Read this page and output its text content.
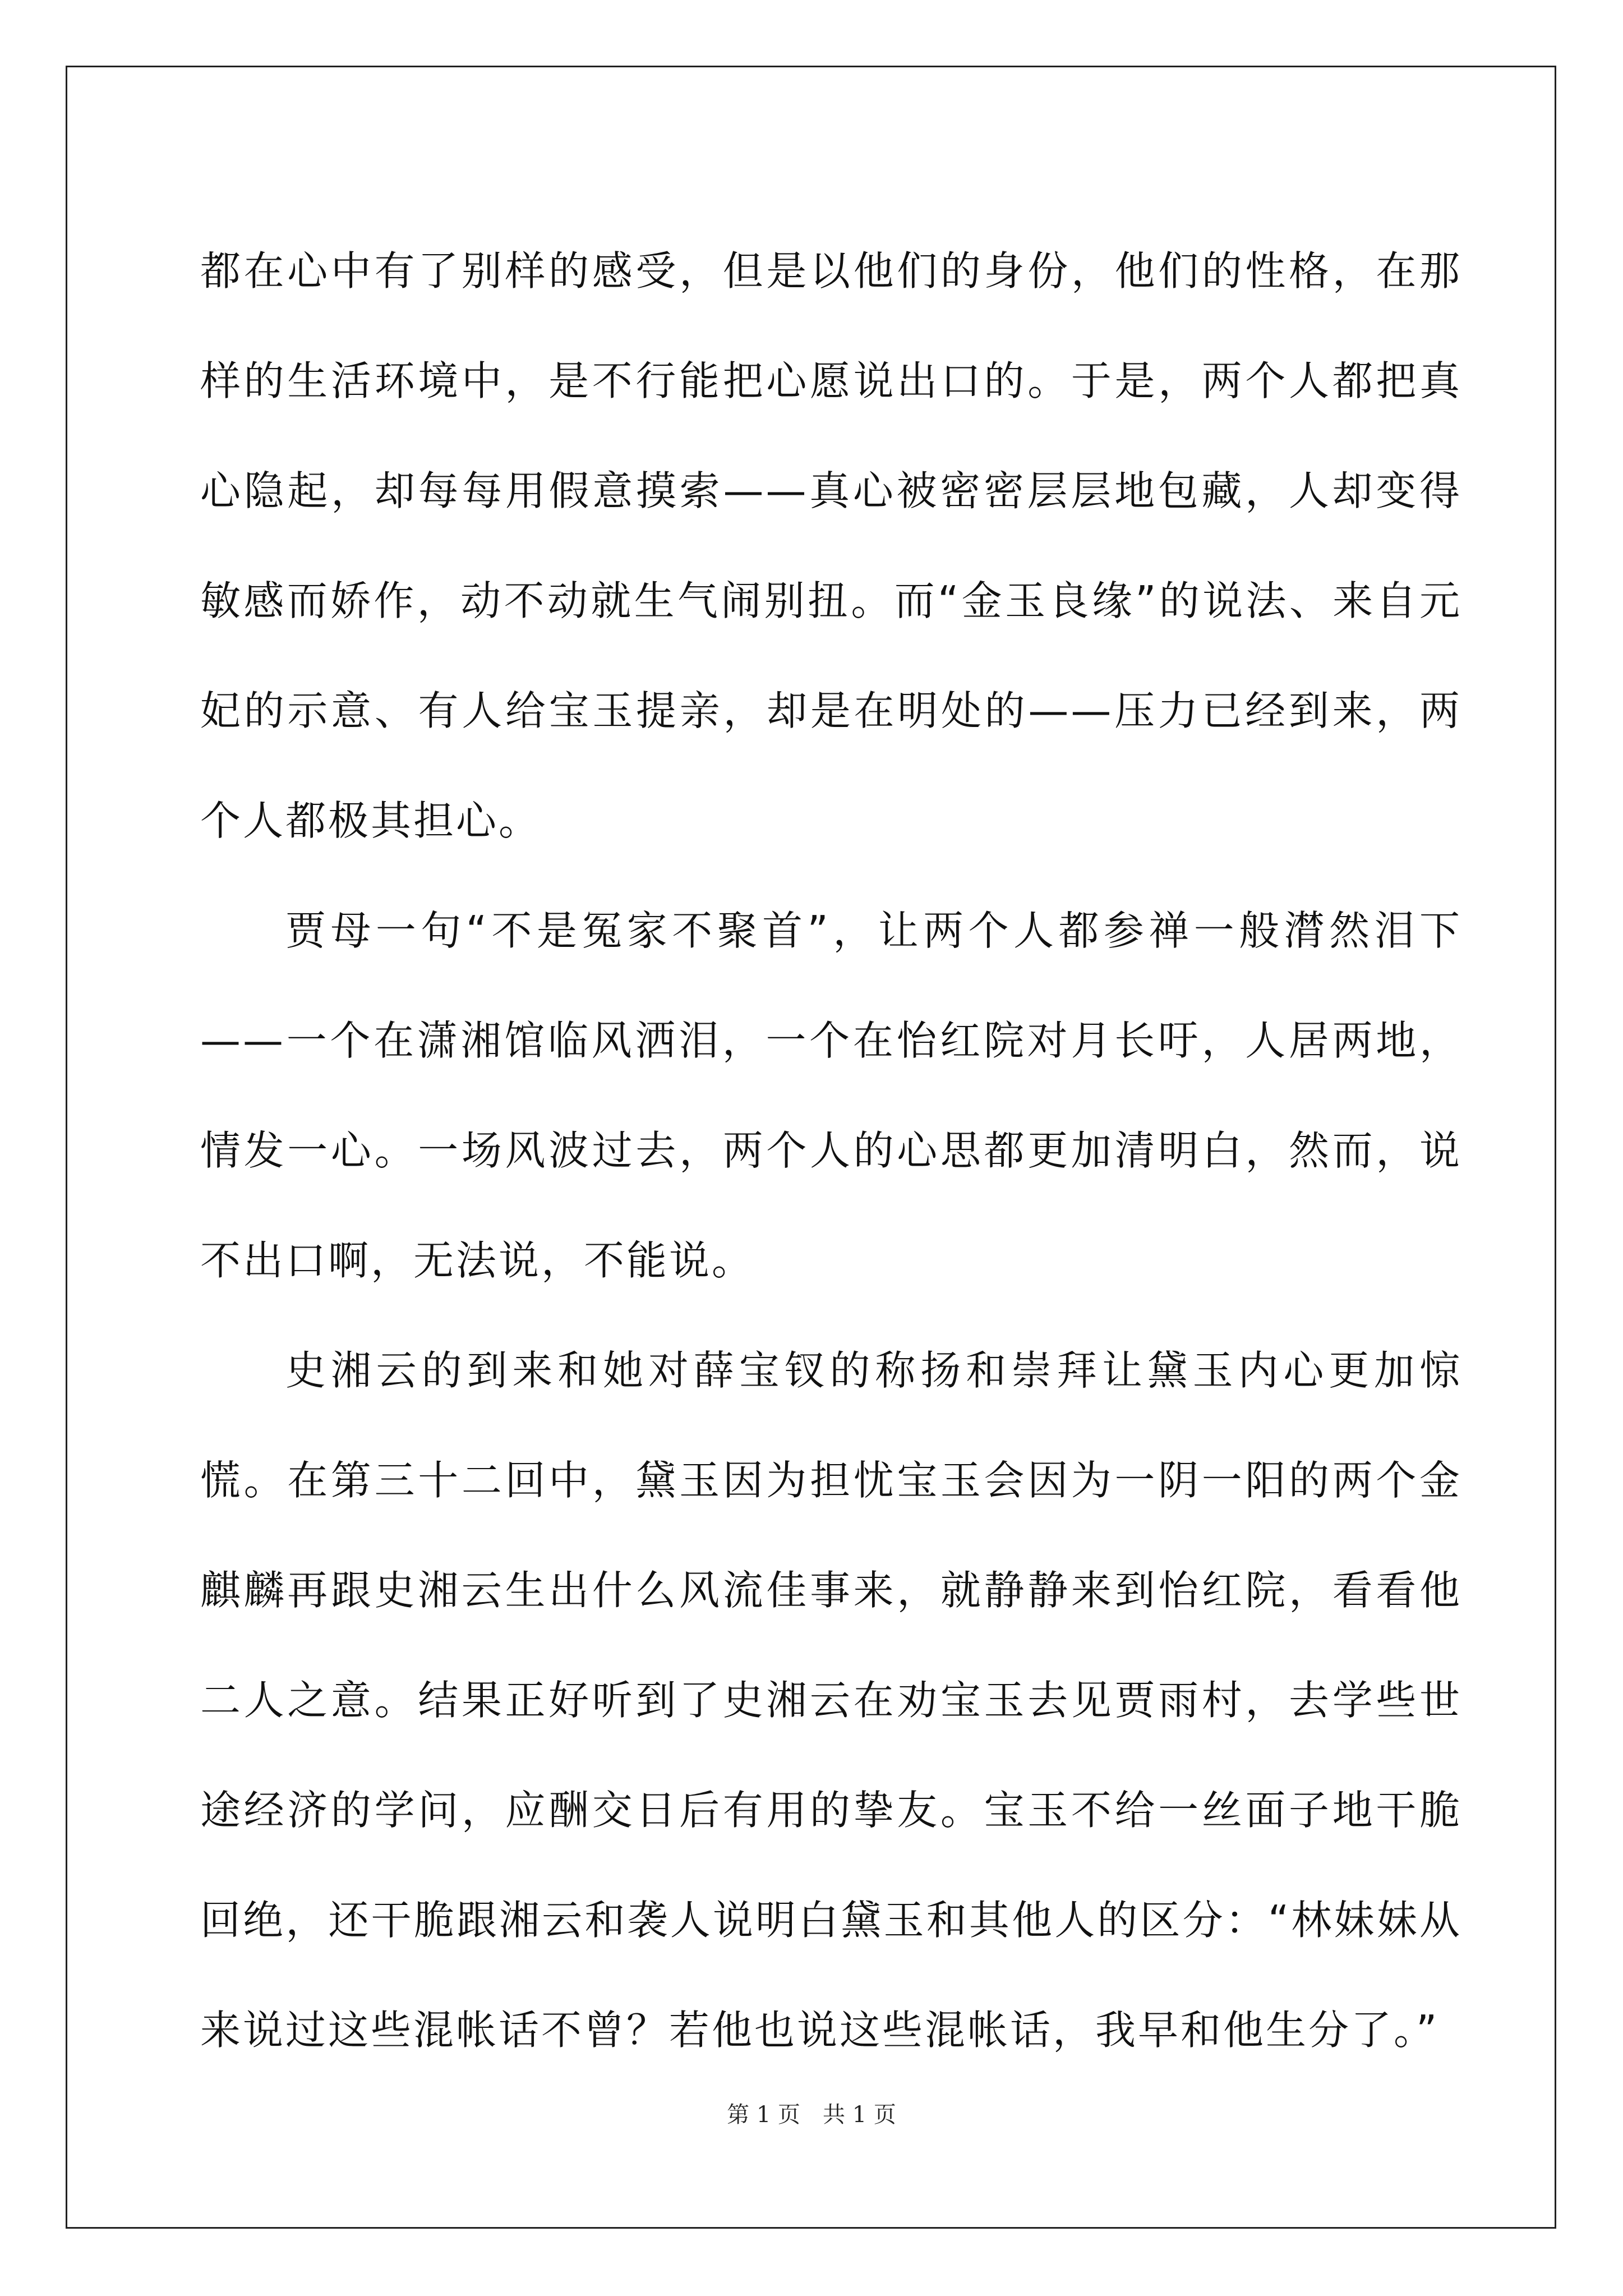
都在心中有了别样的感受，但是以他们的身份，他们的性格，在那样的生活环境中，是不行能把心愿说出口的。于是，两个人都把真心隐起，却每每用假意摸索——真心被密密层层地包藏，人却变得敏感而娇作，动不动就生气闹别扭。而“金玉良缘”的说法、来自元妃的示意、有人给宝玉提亲，却是在明处的——压力已经到来，两个人都极其担心。

贾母一句“不是冤家不聚首”，让两个人都参禅一般潸然泪下——一个在潇湘馆临风洒泪，一个在怡红院对月长吁，人居两地，情发一心。一场风波过去，两个人的心思都更加清明白，然而，说不出口啊，无法说，不能说。

史湘云的到来和她对薛宝钗的称扬和崇拜让黛玉内心更加惊慌。在第三十二回中，黛玉因为担忧宝玉会因为一阴一阳的两个金麒麟再跟史湘云生出什么风流佳事来，就静静来到怡红院，看看他二人之意。结果正好听到了史湘云在劝宝玉去见贾雨村，去学些世途经济的学问，应酬交日后有用的挚友。宝玉不给一丝面子地干脆回绝，还干脆跟湘云和袭人说明白黛玉和其他人的区分：“林妹妹从来说过这些混帐话不曾？若他也说这些混帐话，我早和他生分了。”

第 1 页　共 1 页
